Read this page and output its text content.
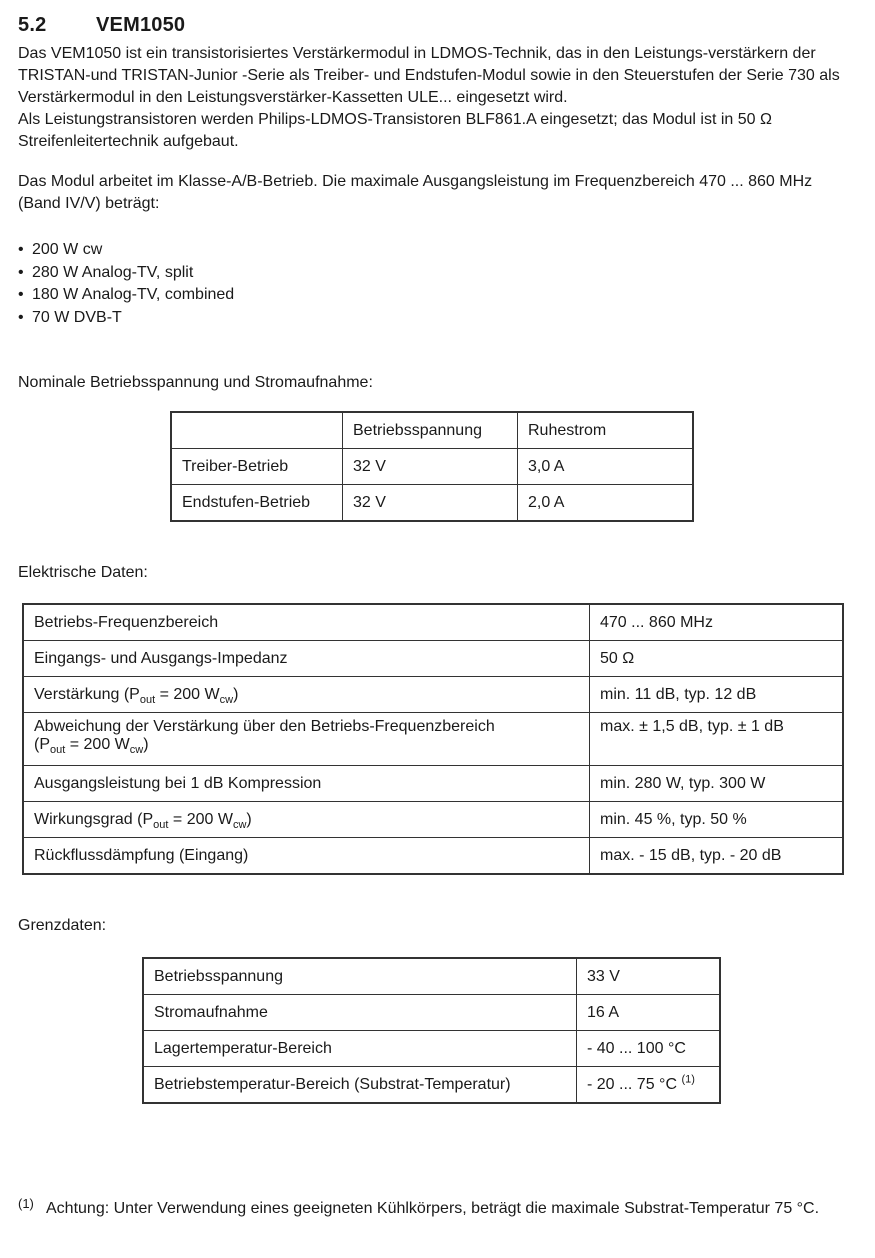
5.2 VEM1050

Das VEM1050 ist ein transistorisiertes Verstärkermodul in LDMOS-Technik, das in den Leistungs-verstärkern der TRISTAN-und TRISTAN-Junior -Serie als Treiber- und Endstufen-Modul sowie in den Steuerstufen der Serie 730 als Verstärkermodul in den Leistungsverstärker-Kassetten ULE... eingesetzt wird.

Als Leistungstransistoren werden Philips-LDMOS-Transistoren BLF861.A eingesetzt; das Modul ist in 50 Ω Streifenleitertechnik aufgebaut.

Das Modul arbeitet im Klasse-A/B-Betrieb. Die maximale Ausgangsleistung im Frequenzbereich 470 ... 860 MHz (Band IV/V) beträgt:

• 200 W cw
• 280 W Analog-TV, split
• 180 W Analog-TV, combined
• 70 W DVB-T

Nominale Betriebsspannung und Stromaufnahme:

	Betriebsspannung	Ruhestrom
Treiber-Betrieb	32 V	3,0 A
Endstufen-Betrieb	32 V	2,0 A

Elektrische Daten:

Betriebs-Frequenzbereich	470 ... 860 MHz
Eingangs- und Ausgangs-Impedanz	50 Ω
Verstärkung ($P_{out} = 200$ $W_{cw}$)	min. 11 dB, typ. 12 dB
Abweichung der Verstärkung über den Betriebs-Frequenzbereich
($P_{out} = 200$ $W_{cw}$)	max. ± 1,5 dB, typ. ± 1 dB
Ausgangsleistung bei 1 dB Kompression	min. 280 W, typ. 300 W
Wirkungsgrad ($P_{out} = 200$ $W_{cw}$)	min. 45 %, typ. 50 %
Rückflussdämpfung (Eingang)	max. - 15 dB, typ. - 20 dB

Grenzdaten:

Betriebsspannung	33 V
Stromaufnahme	16 A
Lagertemperatur-Bereich	- 40 ... 100 °C
Betriebstemperatur-Bereich (Substrat-Temperatur)	- 20 ... 75 °C $^{(1)}$
(1) Achtung: Unter Verwendung eines geeigneten Kühlkörpers, beträgt die maximale Substrat-Temperatur 75 °C.
